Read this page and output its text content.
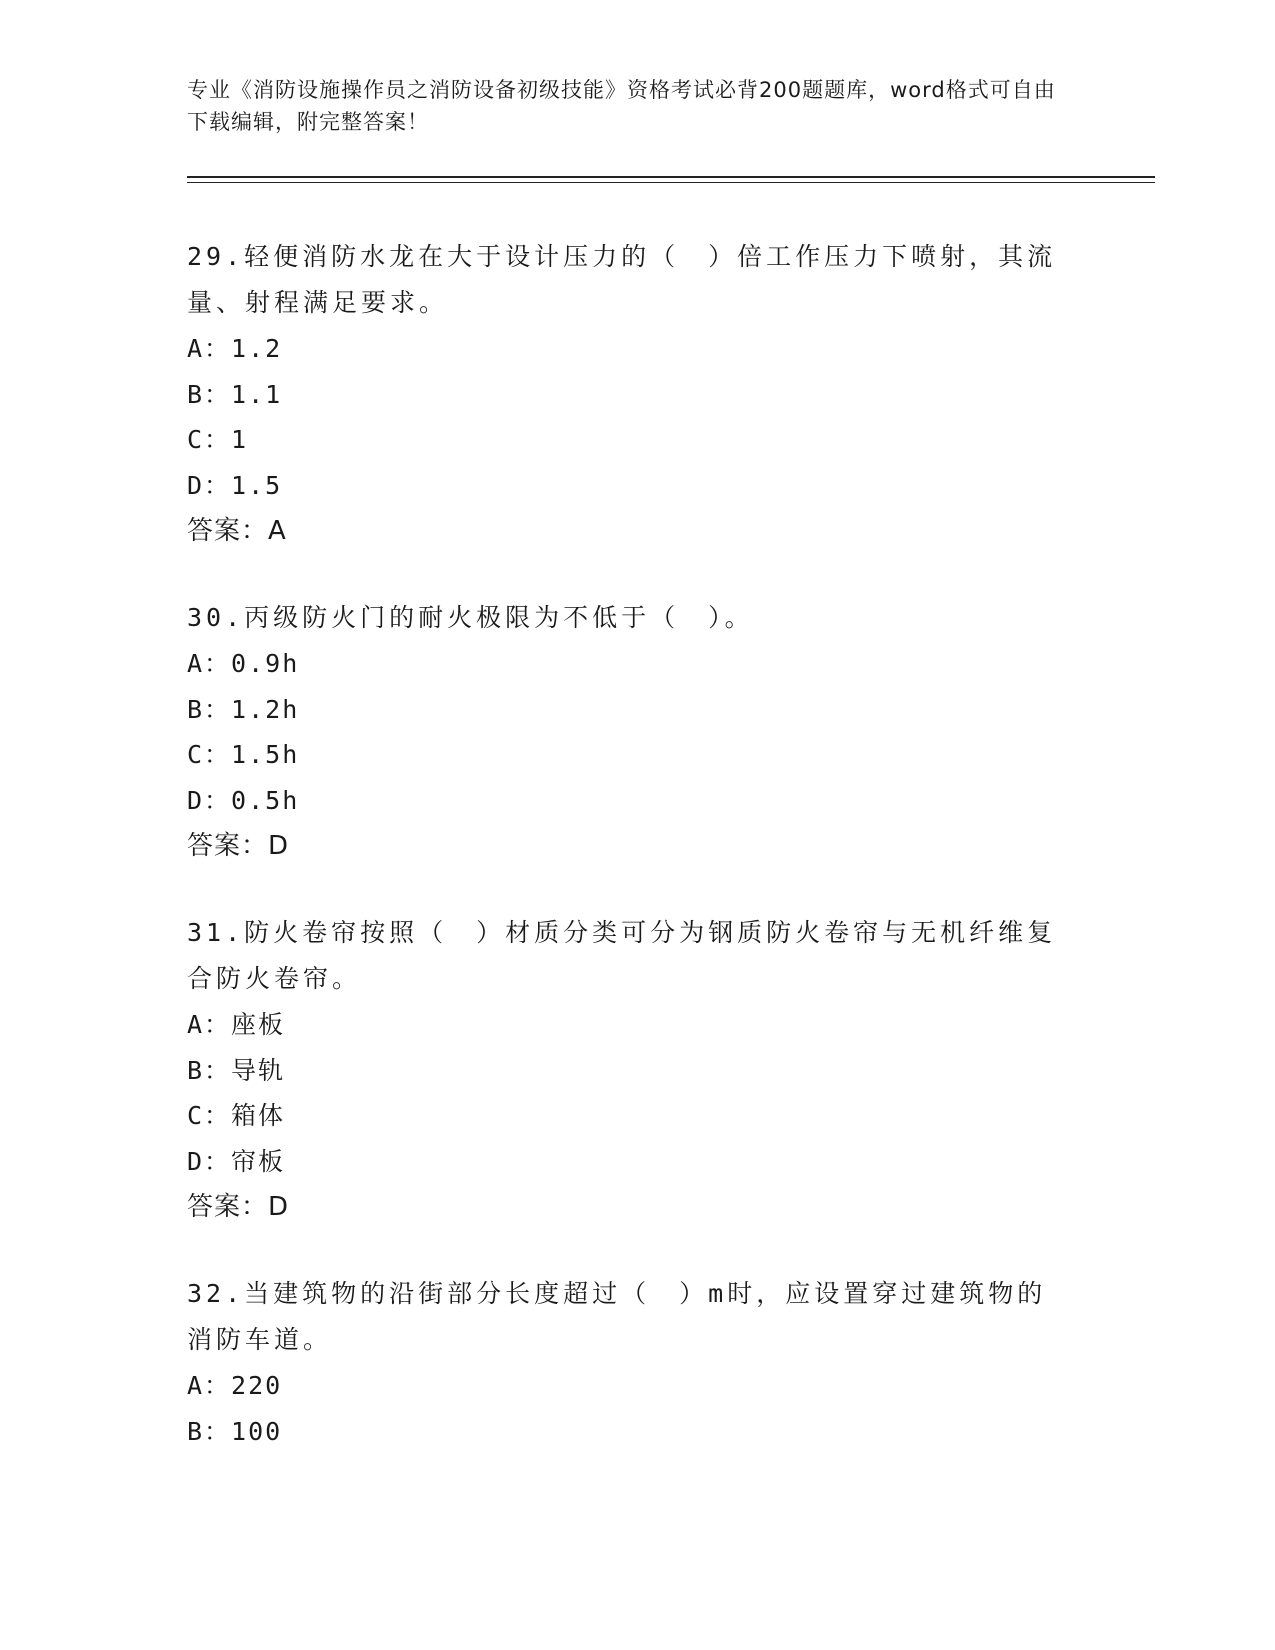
专业《消防设施操作员之消防设备初级技能》资格考试必背200题题库，word格式可自由下载编辑，附完整答案！
29.轻便消防水龙在大于设计压力的（　）倍工作压力下喷射，其流量、射程满足要求。
A：1.2
B：1.1
C：1
D：1.5
答案：A
30.丙级防火门的耐火极限为不低于（　）。
A：0.9h
B：1.2h
C：1.5h
D：0.5h
答案：D
31.防火卷帘按照（　）材质分类可分为钢质防火卷帘与无机纤维复合防火卷帘。
A：座板
B：导轨
C：箱体
D：帘板
答案：D
32.当建筑物的沿街部分长度超过（　）m时，应设置穿过建筑物的消防车道。
A：220
B：100
